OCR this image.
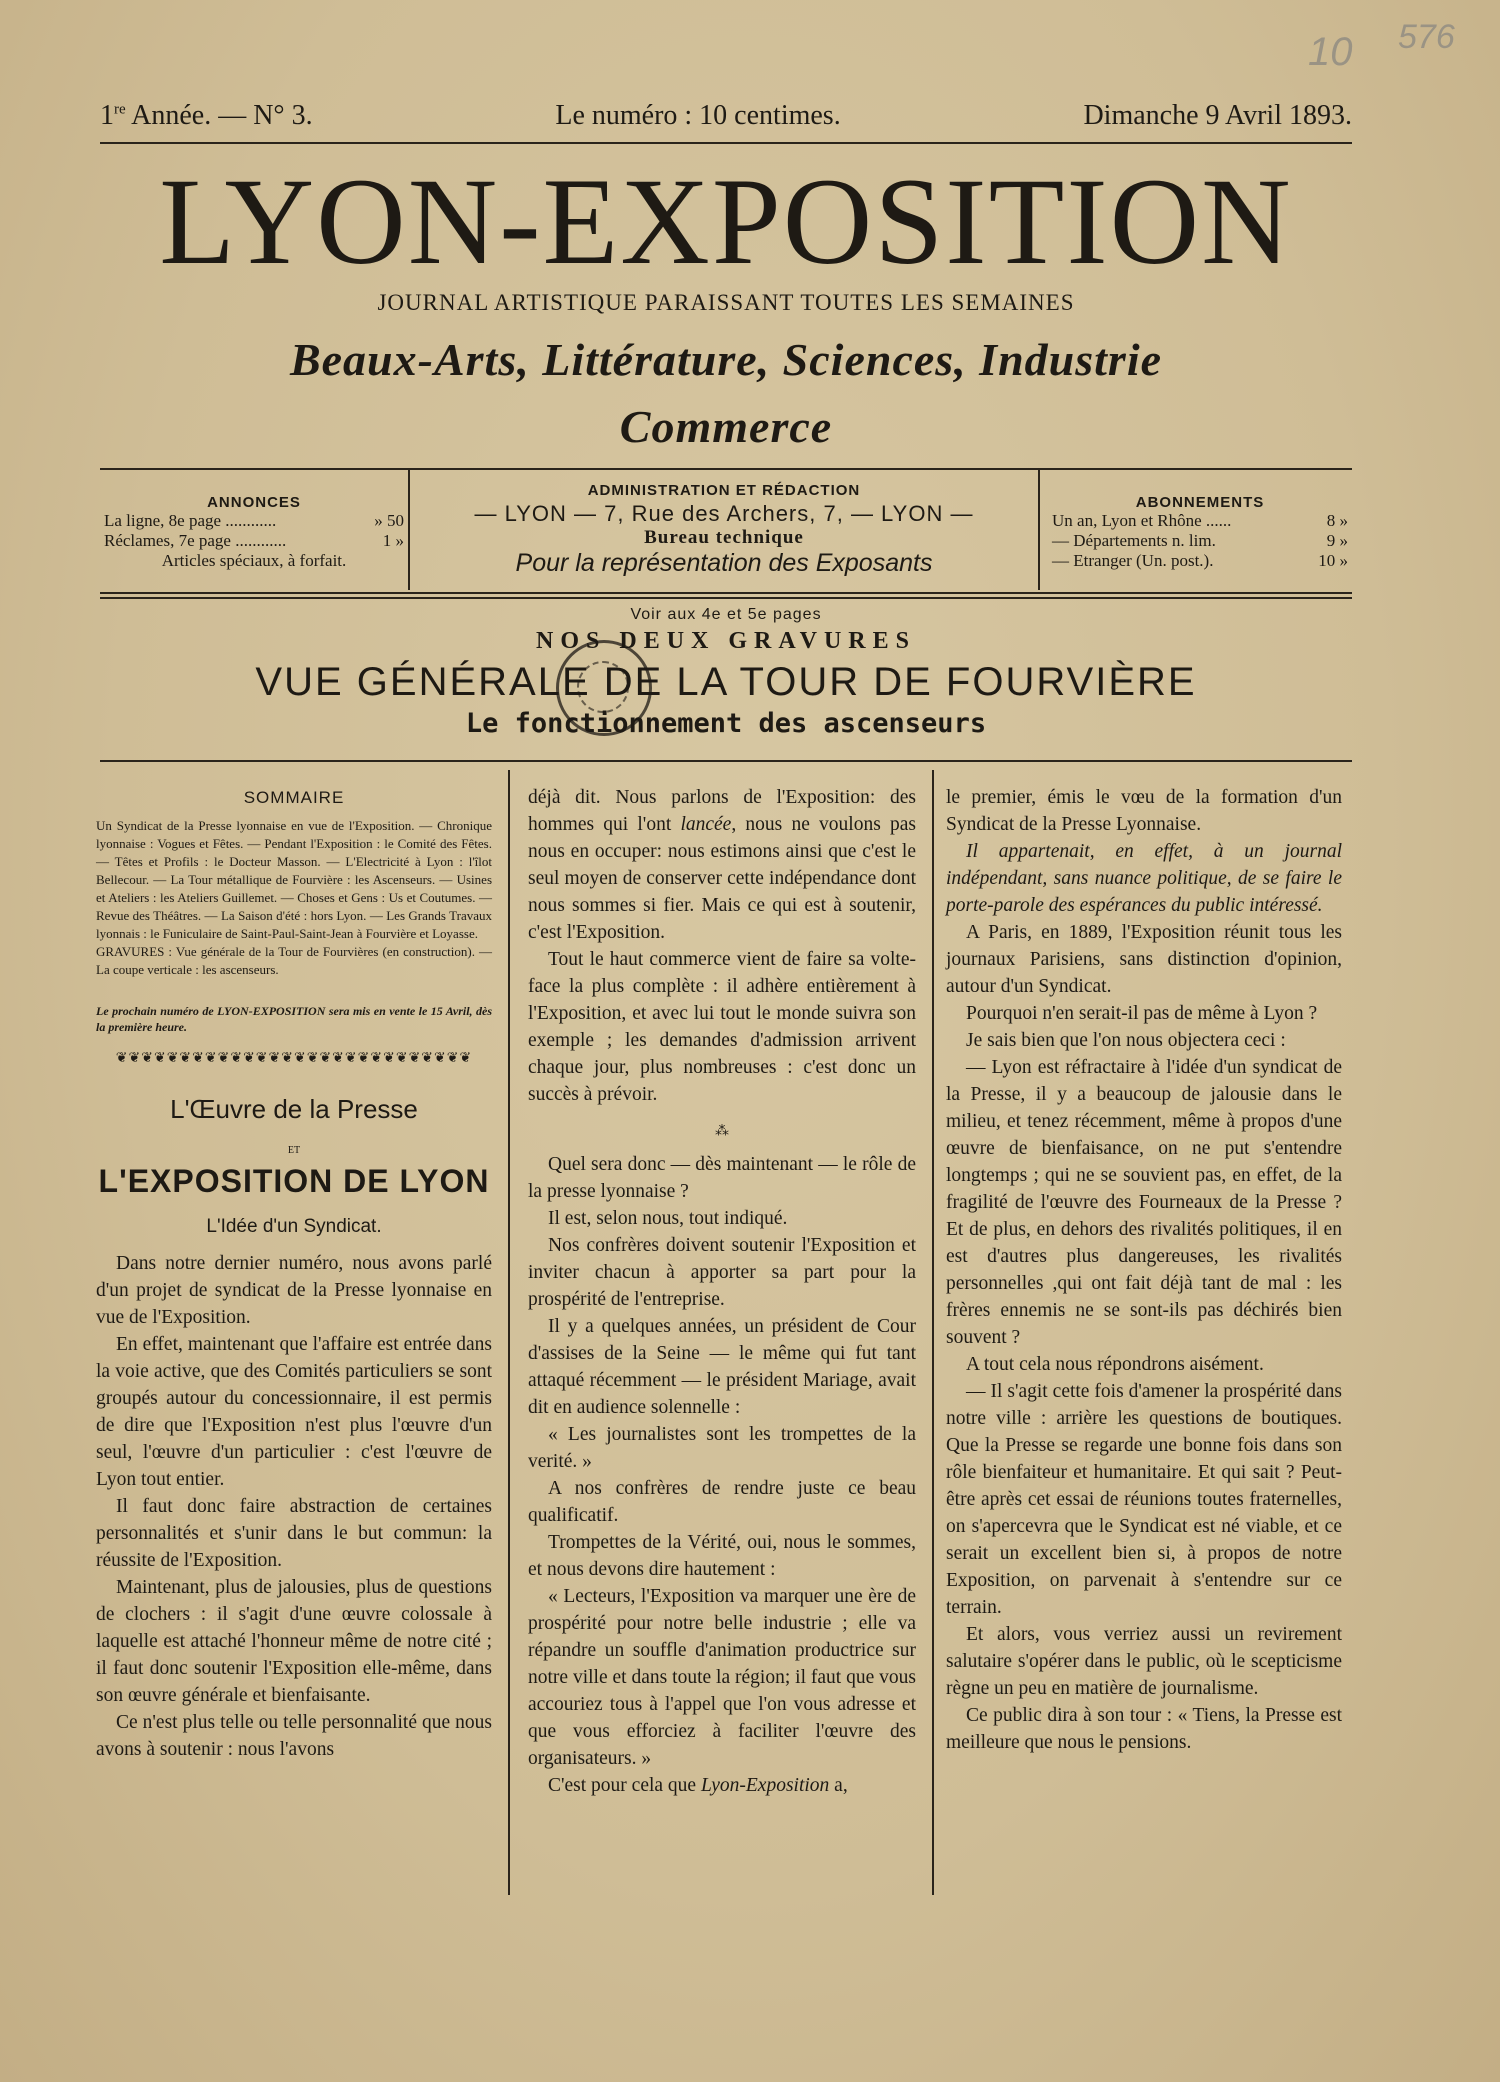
10 576
1re Année. — N° 3.	Le numéro : 10 centimes.	Dimanche 9 Avril 1893.
LYON-EXPOSITION
JOURNAL ARTISTIQUE PARAISSANT TOUTES LES SEMAINES
Beaux-Arts, Littérature, Sciences, Industrie
Commerce
ANNONCES
La ligne, 8e page ............	» 50
Réclames, 7e page ............	1 »
Articles spéciaux, à forfait.
ADMINISTRATION ET RÉDACTION
— LYON — 7, Rue des Archers, 7, — LYON —
Bureau technique
Pour la représentation des Exposants
ABONNEMENTS
Un an, Lyon et Rhône ......	8 »
— Départements n. lim.	9 »
— Etranger (Un. post.).	10 »
Voir aux 4e et 5e pages
NOS DEUX GRAVURES
VUE GÉNÉRALE DE LA TOUR DE FOURVIÈRE
Le fonctionnement des ascenseurs
SOMMAIRE
Un Syndicat de la Presse lyonnaise en vue de l'Exposition. — Chronique lyonnaise : Vogues et Fêtes. — Pendant l'Exposition : le Comité des Fêtes. — Têtes et Profils : le Docteur Masson. — L'Electricité à Lyon : l'îlot Bellecour. — La Tour métallique de Fourvière : les Ascenseurs. — Usines et Ateliers : les Ateliers Guillemet. — Choses et Gens : Us et Coutumes. — Revue des Théâtres. — La Saison d'été : hors Lyon. — Les Grands Travaux lyonnais : le Funiculaire de Saint-Paul-Saint-Jean à Fourvière et Loyasse.
GRAVURES : Vue générale de la Tour de Fourvières (en construction). — La coupe verticale : les ascenseurs.
Le prochain numéro de LYON-EXPOSITION sera mis en vente le 15 Avril, dès la première heure.
❦❦❦❦❦❦❦❦❦❦❦❦❦❦❦❦❦❦❦❦❦❦❦❦❦❦❦❦
L'Œuvre de la Presse
ET
L'EXPOSITION DE LYON
L'Idée d'un Syndicat.

Dans notre dernier numéro, nous avons parlé d'un projet de syndicat de la Presse lyonnaise en vue de l'Exposition.

En effet, maintenant que l'affaire est entrée dans la voie active, que des Comités particuliers se sont groupés autour du concessionnaire, il est permis de dire que l'Exposition n'est plus l'œuvre d'un seul, l'œuvre d'un particulier : c'est l'œuvre de Lyon tout entier.

Il faut donc faire abstraction de certaines personnalités et s'unir dans le but commun: la réussite de l'Exposition.

Maintenant, plus de jalousies, plus de questions de clochers : il s'agit d'une œuvre colossale à laquelle est attaché l'honneur même de notre cité ; il faut donc soutenir l'Exposition elle-même, dans son œuvre générale et bienfaisante.

Ce n'est plus telle ou telle personnalité que nous avons à soutenir : nous l'avons

déjà dit. Nous parlons de l'Exposition: des hommes qui l'ont lancée, nous ne voulons pas nous en occuper: nous estimons ainsi que c'est le seul moyen de conserver cette indépendance dont nous sommes si fier. Mais ce qui est à soutenir, c'est l'Exposition.

Tout le haut commerce vient de faire sa volte-face la plus complète : il adhère entièrement à l'Exposition, et avec lui tout le monde suivra son exemple ; les demandes d'admission arrivent chaque jour, plus nombreuses : c'est donc un succès à prévoir.

⁂

Quel sera donc — dès maintenant — le rôle de la presse lyonnaise ?

Il est, selon nous, tout indiqué.

Nos confrères doivent soutenir l'Exposition et inviter chacun à apporter sa part pour la prospérité de l'entreprise.

Il y a quelques années, un président de Cour d'assises de la Seine — le même qui fut tant attaqué récemment — le président Mariage, avait dit en audience solennelle :

« Les journalistes sont les trompettes de la verité. »

A nos confrères de rendre juste ce beau qualificatif.

Trompettes de la Vérité, oui, nous le sommes, et nous devons dire hautement :

« Lecteurs, l'Exposition va marquer une ère de prospérité pour notre belle industrie ; elle va répandre un souffle d'animation productrice sur notre ville et dans toute la région; il faut que vous accouriez tous à l'appel que l'on vous adresse et que vous efforciez à faciliter l'œuvre des organisateurs. »

C'est pour cela que Lyon-Exposition a,

le premier, émis le vœu de la formation d'un Syndicat de la Presse Lyonnaise.

Il appartenait, en effet, à un journal indépendant, sans nuance politique, de se faire le porte-parole des espérances du public intéressé.

A Paris, en 1889, l'Exposition réunit tous les journaux Parisiens, sans distinction d'opinion, autour d'un Syndicat.

Pourquoi n'en serait-il pas de même à Lyon ?

Je sais bien que l'on nous objectera ceci :

— Lyon est réfractaire à l'idée d'un syndicat de la Presse, il y a beaucoup de jalousie dans le milieu, et tenez récemment, même à propos d'une œuvre de bienfaisance, on ne put s'entendre longtemps ; qui ne se souvient pas, en effet, de la fragilité de l'œuvre des Fourneaux de la Presse ? Et de plus, en dehors des rivalités politiques, il en est d'autres plus dangereuses, les rivalités personnelles ,qui ont fait déjà tant de mal : les frères ennemis ne se sont-ils pas déchirés bien souvent ?

A tout cela nous répondrons aisément.

— Il s'agit cette fois d'amener la prospérité dans notre ville : arrière les questions de boutiques. Que la Presse se regarde une bonne fois dans son rôle bienfaiteur et humanitaire. Et qui sait ? Peut-être après cet essai de réunions toutes fraternelles, on s'apercevra que le Syndicat est né viable, et ce serait un excellent bien si, à propos de notre Exposition, on parvenait à s'entendre sur ce terrain.

Et alors, vous verriez aussi un revirement salutaire s'opérer dans le public, où le scepticisme règne un peu en matière de journalisme.

Ce public dira à son tour : « Tiens, la Presse est meilleure que nous le pensions.
